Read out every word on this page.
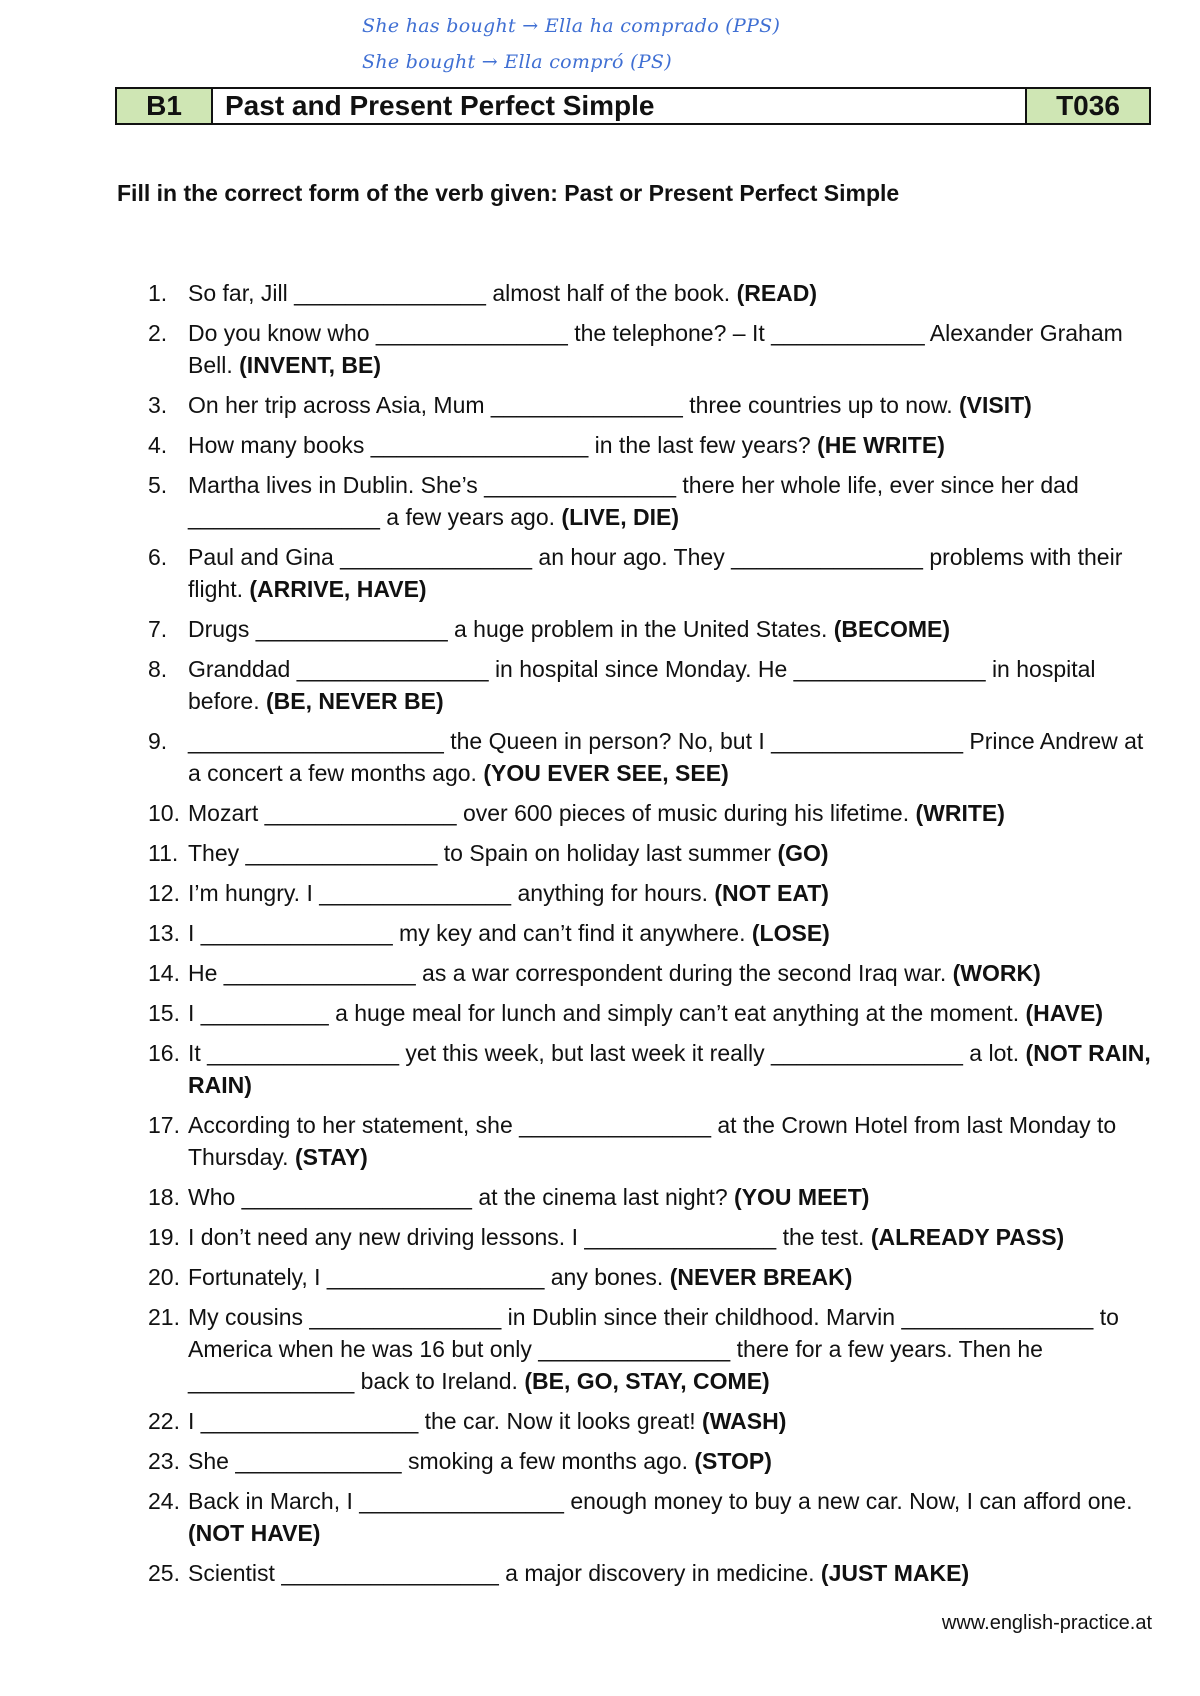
She has bought → Ella ha comprado (PPS)
She bought → Ella compró (PS)
B1	Past and Present Perfect Simple	T036
Fill in the correct form of the verb given: Past or Present Perfect Simple
1. So far, Jill _______________ almost half of the book. (READ)
2. Do you know who _______________ the telephone? – It ____________ Alexander Graham Bell. (INVENT, BE)
3. On her trip across Asia, Mum _______________ three countries up to now. (VISIT)
4. How many books _________________ in the last few years? (HE WRITE)
5. Martha lives in Dublin. She’s _______________ there her whole life, ever since her dad _______________ a few years ago. (LIVE, DIE)
6. Paul and Gina _______________ an hour ago. They _______________ problems with their flight. (ARRIVE, HAVE)
7. Drugs _______________ a huge problem in the United States. (BECOME)
8. Granddad _______________ in hospital since Monday. He _______________ in hospital before. (BE, NEVER BE)
9. ____________________ the Queen in person? No, but I _______________ Prince Andrew at a concert a few months ago. (YOU EVER SEE, SEE)
10. Mozart _______________ over 600 pieces of music during his lifetime. (WRITE)
11. They _______________ to Spain on holiday last summer (GO)
12. I’m hungry. I _______________ anything for hours. (NOT EAT)
13. I _______________ my key and can’t find it anywhere. (LOSE)
14. He _______________ as a war correspondent during the second Iraq war. (WORK)
15. I __________ a huge meal for lunch and simply can’t eat anything at the moment. (HAVE)
16. It _______________ yet this week, but last week it really _______________ a lot. (NOT RAIN, RAIN)
17. According to her statement, she _______________ at the Crown Hotel from last Monday to Thursday. (STAY)
18. Who __________________ at the cinema last night? (YOU MEET)
19. I don’t need any new driving lessons. I _______________ the test. (ALREADY PASS)
20. Fortunately, I _________________ any bones. (NEVER BREAK)
21. My cousins _______________ in Dublin since their childhood. Marvin _______________ to America when he was 16 but only _______________ there for a few years. Then he _____________ back to Ireland. (BE, GO, STAY, COME)
22. I _________________ the car. Now it looks great! (WASH)
23. She _____________ smoking a few months ago. (STOP)
24. Back in March, I ________________ enough money to buy a new car. Now, I can afford one. (NOT HAVE)
25. Scientist _________________ a major discovery in medicine. (JUST MAKE)
www.english-practice.at
